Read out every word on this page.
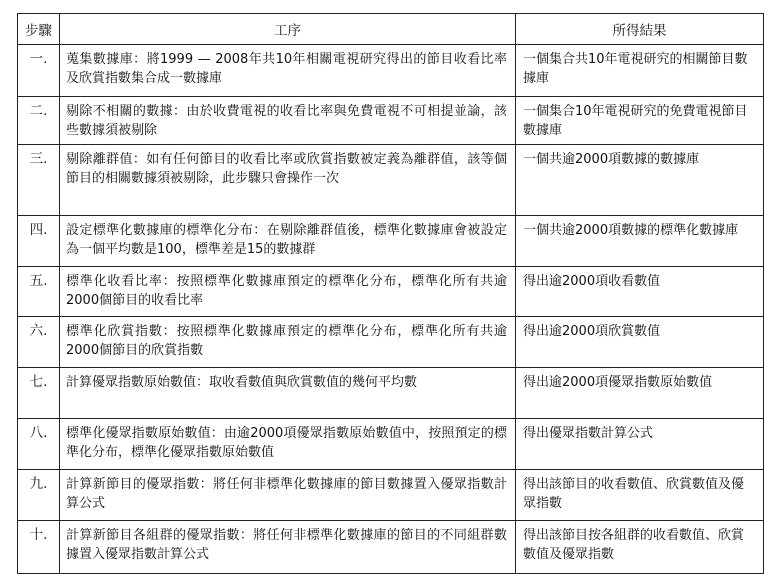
步驟	工序	所得結果
一.	蒐集數據庫：將1999 — 2008年共10年相關電視研究得出的節目收看比率及欣賞指數集合成一數據庫	一個集合共10年電視研究的相關節目數據庫
二.	剔除不相關的數據：由於收費電視的收看比率與免費電視不可相提並論，該些數據須被剔除	一個集合10年電視研究的免費電視節目數據庫
三.	剔除離群值：如有任何節目的收看比率或欣賞指數被定義為離群值，該等個節目的相關數據須被剔除，此步驟只會操作一次	一個共逾2000項數據的數據庫
四.	設定標準化數據庫的標準化分布：在剔除離群值後，標準化數據庫會被設定為一個平均數是100，標準差是15的數據群	一個共逾2000項數據的標準化數據庫
五.	標準化收看比率：按照標準化數據庫預定的標準化分布，標準化所有共逾2000個節目的收看比率	得出逾2000項收看數值
六.	標準化欣賞指數：按照標準化數據庫預定的標準化分布，標準化所有共逾2000個節目的欣賞指數	得出逾2000項欣賞數值
七.	計算優眾指數原始數值：取收看數值與欣賞數值的幾何平均數	得出逾2000項優眾指數原始數值
八.	標準化優眾指數原始數值：由逾2000項優眾指數原始數值中，按照預定的標準化分布，標準化優眾指數原始數值	得出優眾指數計算公式
九.	計算新節目的優眾指數：將任何非標準化數據庫的節目數據置入優眾指數計算公式	得出該節目的收看數值、欣賞數值及優眾指數
十.	計算新節目各組群的優眾指數：將任何非標準化數據庫的節目的不同組群數據置入優眾指數計算公式	得出該節目按各組群的收看數值、欣賞數值及優眾指數
